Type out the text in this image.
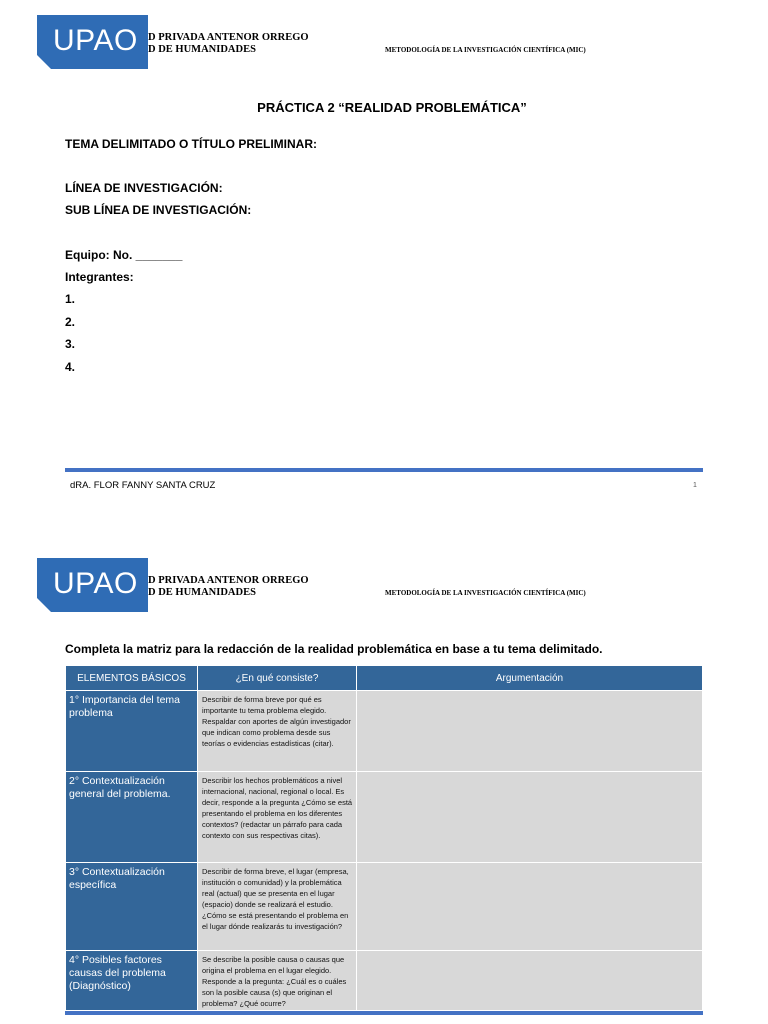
UPAO D PRIVADA ANTENOR ORREGO
D DE HUMANIDADES	METODOLOGÍA DE LA INVESTIGACIÓN CIENTÍFICA (MIC)
PRÁCTICA 2 “REALIDAD PROBLEMÁTICA”
TEMA DELIMITADO O TÍTULO PRELIMINAR:
LÍNEA DE INVESTIGACIÓN:
SUB LÍNEA DE INVESTIGACIÓN:
Equipo: No. _______
Integrantes:
1.
2.
3.
4.
dRA. FLOR FANNY SANTA CRUZ	1
UPAO D PRIVADA ANTENOR ORREGO
D DE HUMANIDADES	METODOLOGÍA DE LA INVESTIGACIÓN CIENTÍFICA (MIC)
Completa la matriz para la redacción de la realidad problemática en base a tu tema delimitado.
ELEMENTOS BÁSICOS	¿En qué consiste?	Argumentación
1° Importancia del tema problema	Describir de forma breve por qué es importante tu tema problema elegido. Respaldar con aportes de algún investigador que indican como problema desde sus teorías o evidencias estadísticas (citar).	
2° Contextualización general del problema.	Describir los hechos problemáticos a nivel internacional, nacional, regional o local. Es decir, responde a la pregunta ¿Cómo se está presentando el problema en los diferentes contextos? (redactar un párrafo para cada contexto con sus respectivas citas).	
3° Contextualización específica	Describir de forma breve, el lugar (empresa, institución o comunidad) y la problemática real (actual) que se presenta en el lugar (espacio) donde se realizará el estudio. ¿Cómo se está presentando el problema en el lugar dónde realizarás tu investigación?	
4° Posibles factores causas del problema (Diagnóstico)	Se describe la posible causa o causas que origina el problema en el lugar elegido. Responde a la pregunta: ¿Cuál es o cuáles son la posible causa (s) que originan el problema? ¿Qué ocurre?	
